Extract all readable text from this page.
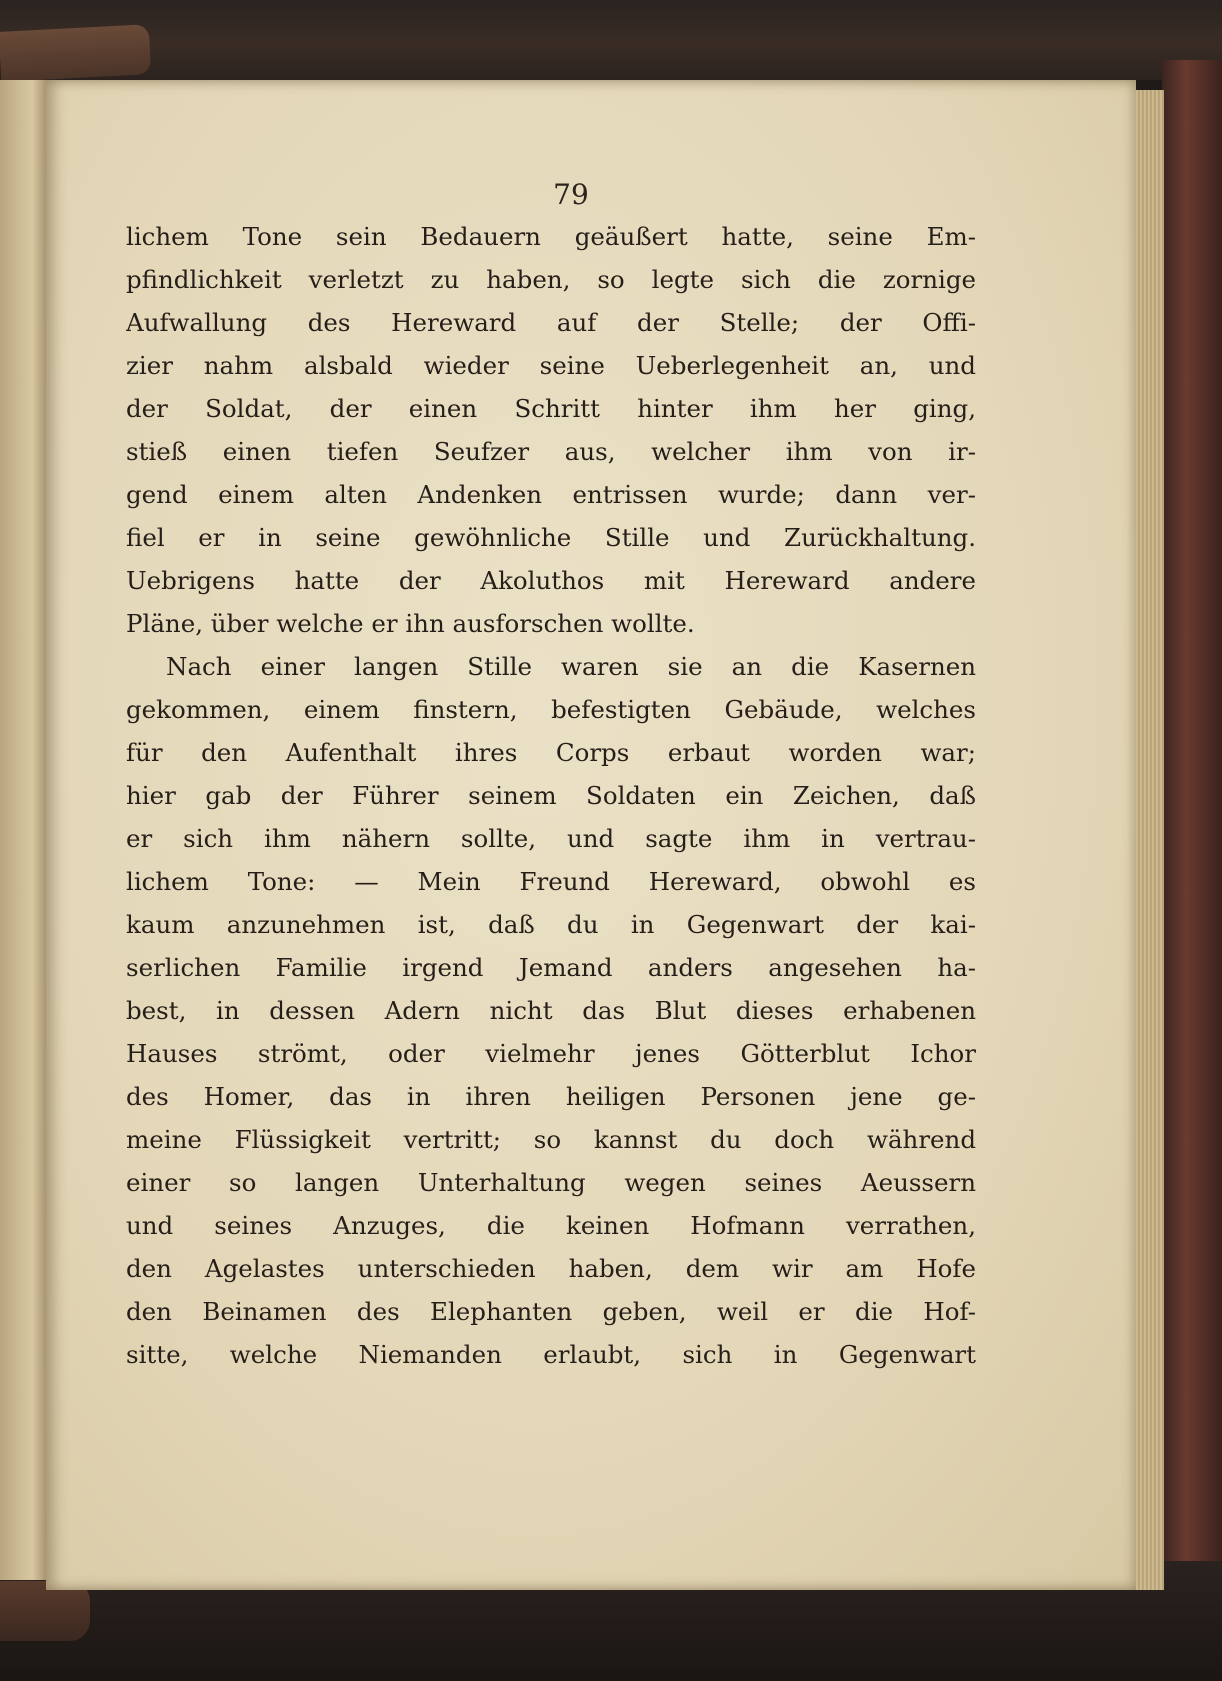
79
lichem Tone sein Bedauern geäußert hatte, seine Em-
pfindlichkeit verletzt zu haben, so legte sich die zornige
Aufwallung des Hereward auf der Stelle; der Offi-
zier nahm alsbald wieder seine Ueberlegenheit an, und
der Soldat, der einen Schritt hinter ihm her ging,
stieß einen tiefen Seufzer aus, welcher ihm von ir-
gend einem alten Andenken entrissen wurde; dann ver-
fiel er in seine gewöhnliche Stille und Zurückhaltung.
Uebrigens hatte der Akoluthos mit Hereward andere
Pläne, über welche er ihn ausforschen wollte.
Nach einer langen Stille waren sie an die Kasernen
gekommen, einem finstern, befestigten Gebäude, welches
für den Aufenthalt ihres Corps erbaut worden war;
hier gab der Führer seinem Soldaten ein Zeichen, daß
er sich ihm nähern sollte, und sagte ihm in vertrau-
lichem Tone: — Mein Freund Hereward, obwohl es
kaum anzunehmen ist, daß du in Gegenwart der kai-
serlichen Familie irgend Jemand anders angesehen ha-
best, in dessen Adern nicht das Blut dieses erhabenen
Hauses strömt, oder vielmehr jenes Götterblut Ichor
des Homer, das in ihren heiligen Personen jene ge-
meine Flüssigkeit vertritt; so kannst du doch während
einer so langen Unterhaltung wegen seines Aeussern
und seines Anzuges, die keinen Hofmann verrathen,
den Agelastes unterschieden haben, dem wir am Hofe
den Beinamen des Elephanten geben, weil er die Hof-
sitte, welche Niemanden erlaubt, sich in Gegenwart
